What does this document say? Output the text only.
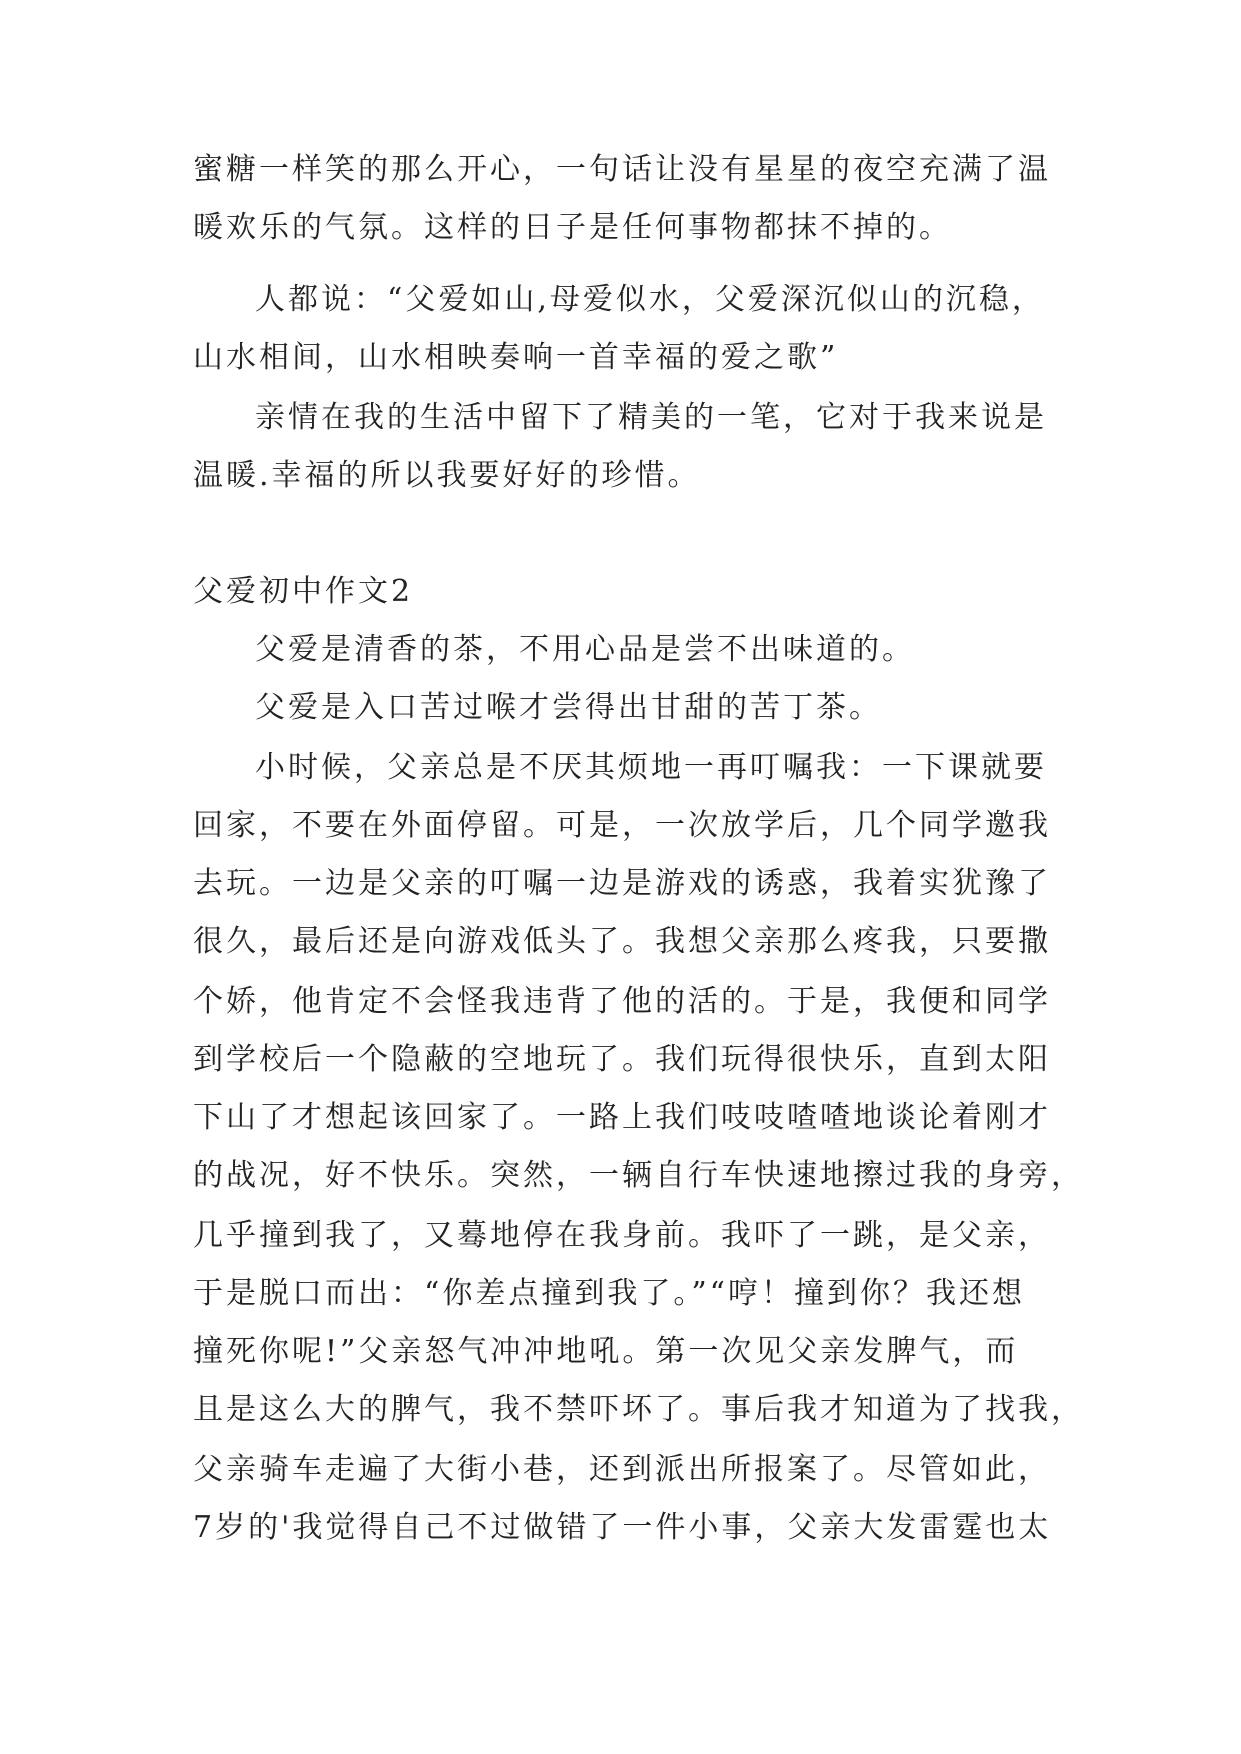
蜜糖一样笑的那么开心，一句话让没有星星的夜空充满了温
暖欢乐的气氛。这样的日子是任何事物都抹不掉的。
人都说：“父爱如山,母爱似水，父爱深沉似山的沉稳，
山水相间，山水相映奏响一首幸福的爱之歌”
亲情在我的生活中留下了精美的一笔，它对于我来说是
温暖.幸福的所以我要好好的珍惜。
父爱初中作文2
父爱是清香的茶，不用心品是尝不出味道的。
父爱是入口苦过喉才尝得出甘甜的苦丁茶。
小时候，父亲总是不厌其烦地一再叮嘱我：一下课就要
回家，不要在外面停留。可是，一次放学后，几个同学邀我
去玩。一边是父亲的叮嘱一边是游戏的诱惑，我着实犹豫了
很久，最后还是向游戏低头了。我想父亲那么疼我，只要撒
个娇，他肯定不会怪我违背了他的活的。于是，我便和同学
到学校后一个隐蔽的空地玩了。我们玩得很快乐，直到太阳
下山了才想起该回家了。一路上我们吱吱喳喳地谈论着刚才
的战况，好不快乐。突然，一辆自行车快速地擦过我的身旁，
几乎撞到我了，又蓦地停在我身前。我吓了一跳，是父亲，
于是脱口而出：“你差点撞到我了。”“哼！撞到你？我还想
撞死你呢!”父亲怒气冲冲地吼。第一次见父亲发脾气，而
且是这么大的脾气，我不禁吓坏了。事后我才知道为了找我，
父亲骑车走遍了大街小巷，还到派出所报案了。尽管如此，
7岁的'我觉得自己不过做错了一件小事，父亲大发雷霆也太
